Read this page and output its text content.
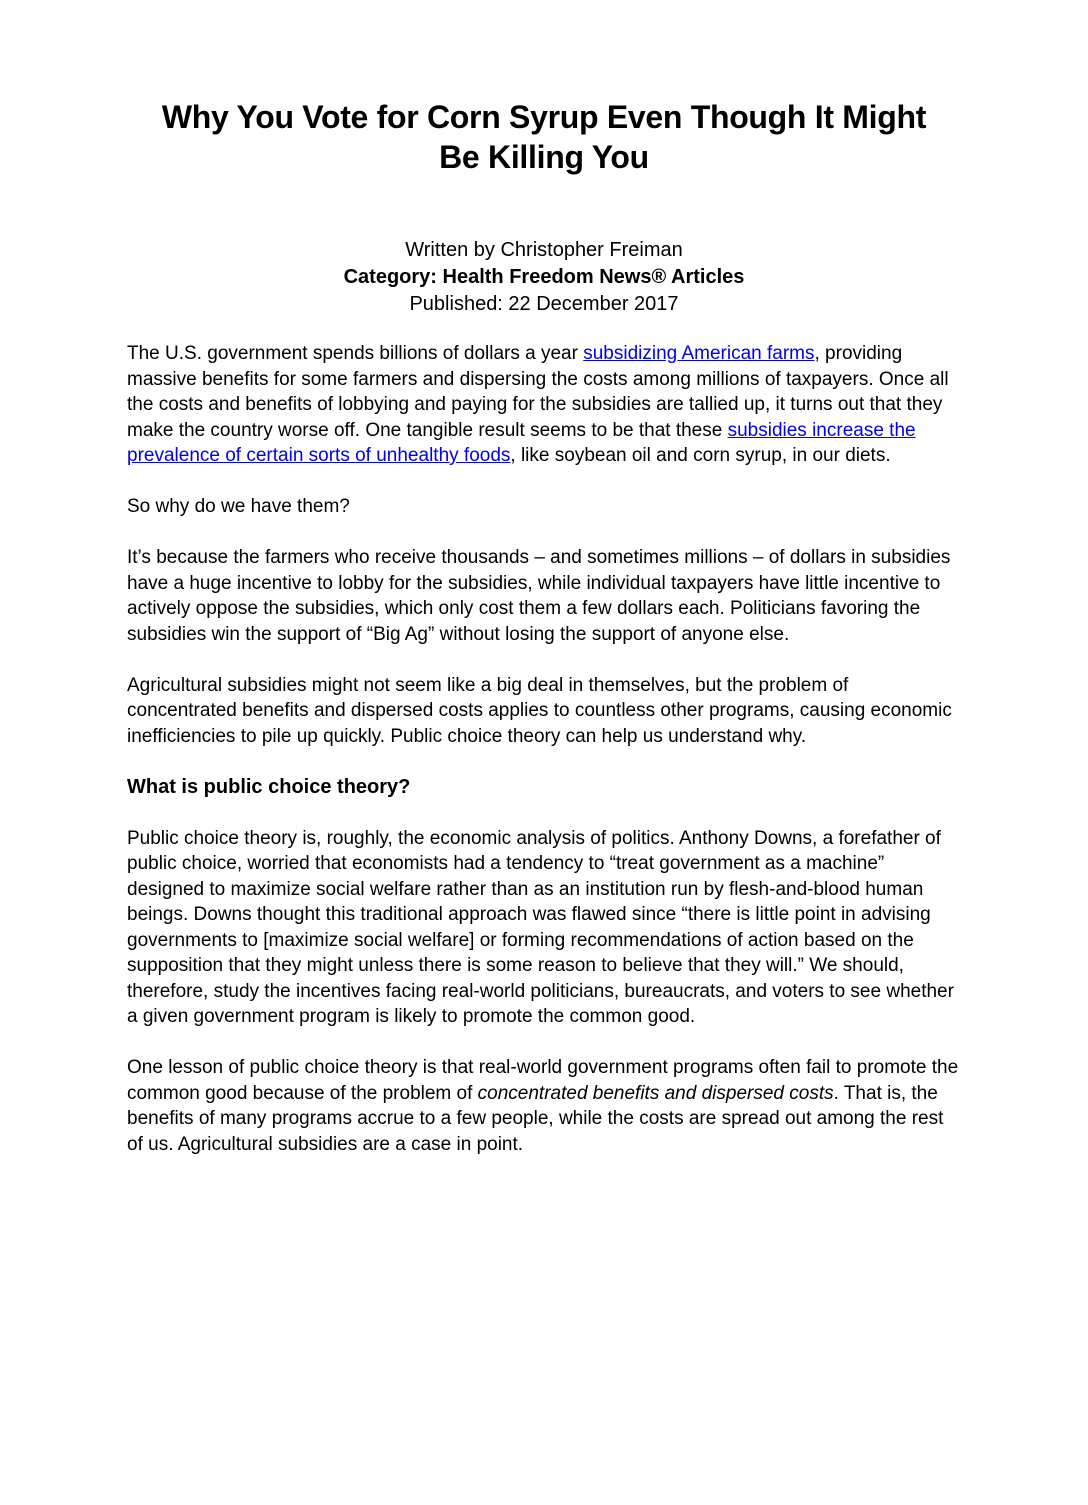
Why You Vote for Corn Syrup Even Though It Might
Be Killing You

Written by Christopher Freiman

Category: Health Freedom News® Articles

Published: 22 December 2017

The U.S. government spends billions of dollars a year subsidizing American farms, providing massive benefits for some farmers and dispersing the costs among millions of taxpayers. Once all the costs and benefits of lobbying and paying for the subsidies are tallied up, it turns out that they make the country worse off. One tangible result seems to be that these subsidies increase the prevalence of certain sorts of unhealthy foods, like soybean oil and corn syrup, in our diets.

So why do we have them?

It’s because the farmers who receive thousands – and sometimes millions – of dollars in subsidies have a huge incentive to lobby for the subsidies, while individual taxpayers have little incentive to actively oppose the subsidies, which only cost them a few dollars each. Politicians favoring the subsidies win the support of “Big Ag” without losing the support of anyone else.

Agricultural subsidies might not seem like a big deal in themselves, but the problem of concentrated benefits and dispersed costs applies to countless other programs, causing economic inefficiencies to pile up quickly. Public choice theory can help us understand why.

What is public choice theory?

Public choice theory is, roughly, the economic analysis of politics. Anthony Downs, a forefather of public choice, worried that economists had a tendency to “treat government as a machine” designed to maximize social welfare rather than as an institution run by flesh-and-blood human beings. Downs thought this traditional approach was flawed since “there is little point in advising governments to [maximize social welfare] or forming recommendations of action based on the supposition that they might unless there is some reason to believe that they will.” We should, therefore, study the incentives facing real-world politicians, bureaucrats, and voters to see whether a given government program is likely to promote the common good.

One lesson of public choice theory is that real-world government programs often fail to promote the common good because of the problem of concentrated benefits and dispersed costs. That is, the benefits of many programs accrue to a few people, while the costs are spread out among the rest of us. Agricultural subsidies are a case in point.
